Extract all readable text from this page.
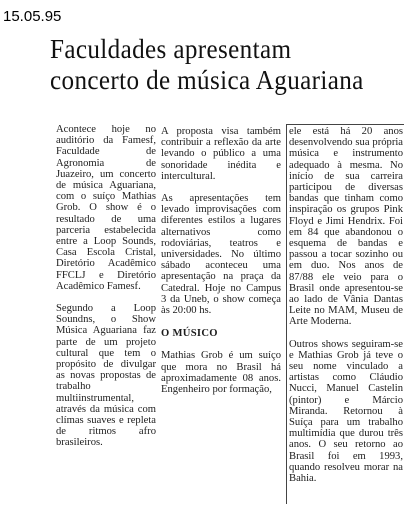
15.05.95
Faculdades apresentam
concerto de música Aguariana

Acontece hoje no auditório da Famesf, Faculdade de Agronomia de Juazeiro, um concerto de música Aguariana, com o suíço Mathias Grob. O show é o resultado de uma parceria estabelecida entre a Loop Sounds, Casa Escola Cristal, Diretório Acadêmico FFCLJ e Diretório Acadêmico Famesf.

Segundo a Loop Soundns, o Show Música Aguariana faz parte de um projeto cultural que tem o propósito de divulgar as novas propostas de trabalho multiinstrumental, através da música com clímas suaves e repleta de ritmos afro brasileiros.

A proposta visa também contribuir a reflexão da arte levando o público a uma sonoridade inédita e intercultural.

As apresentações tem levado improvisações com diferentes estilos a lugares alternativos como rodoviárias, teatros e universidades. No último sábado aconteceu uma apresentação na praça da Catedral. Hoje no Campus 3 da Uneb, o show começa às 20:00 hs.

O MÚSICO

Mathias Grob é um suíço que mora no Brasil há aproximadamente 08 anos. Engenheiro por formação,

ele está há 20 anos desenvolvendo sua própria música e instrumento adequado à mesma. No início de sua carreira participou de diversas bandas que tinham como inspiração os grupos Pink Floyd e Jimi Hendrix. Foi em 84 que abandonou o esquema de bandas e passou a tocar sozinho ou em duo. Nos anos de 87/88 ele veio para o Brasil onde apresentou-se ao lado de Vânia Dantas Leite no MAM, Museu de Arte Moderna.

Outros shows seguiram-se e Mathias Grob já teve o seu nome vinculado a artistas como Cláudio Nucci, Manuel Castelin (pintor) e Márcio Miranda. Retornou à Suíça para um trabalho multimídia que durou três anos. O seu retorno ao Brasil foi em 1993, quando resolveu morar na Bahia.
